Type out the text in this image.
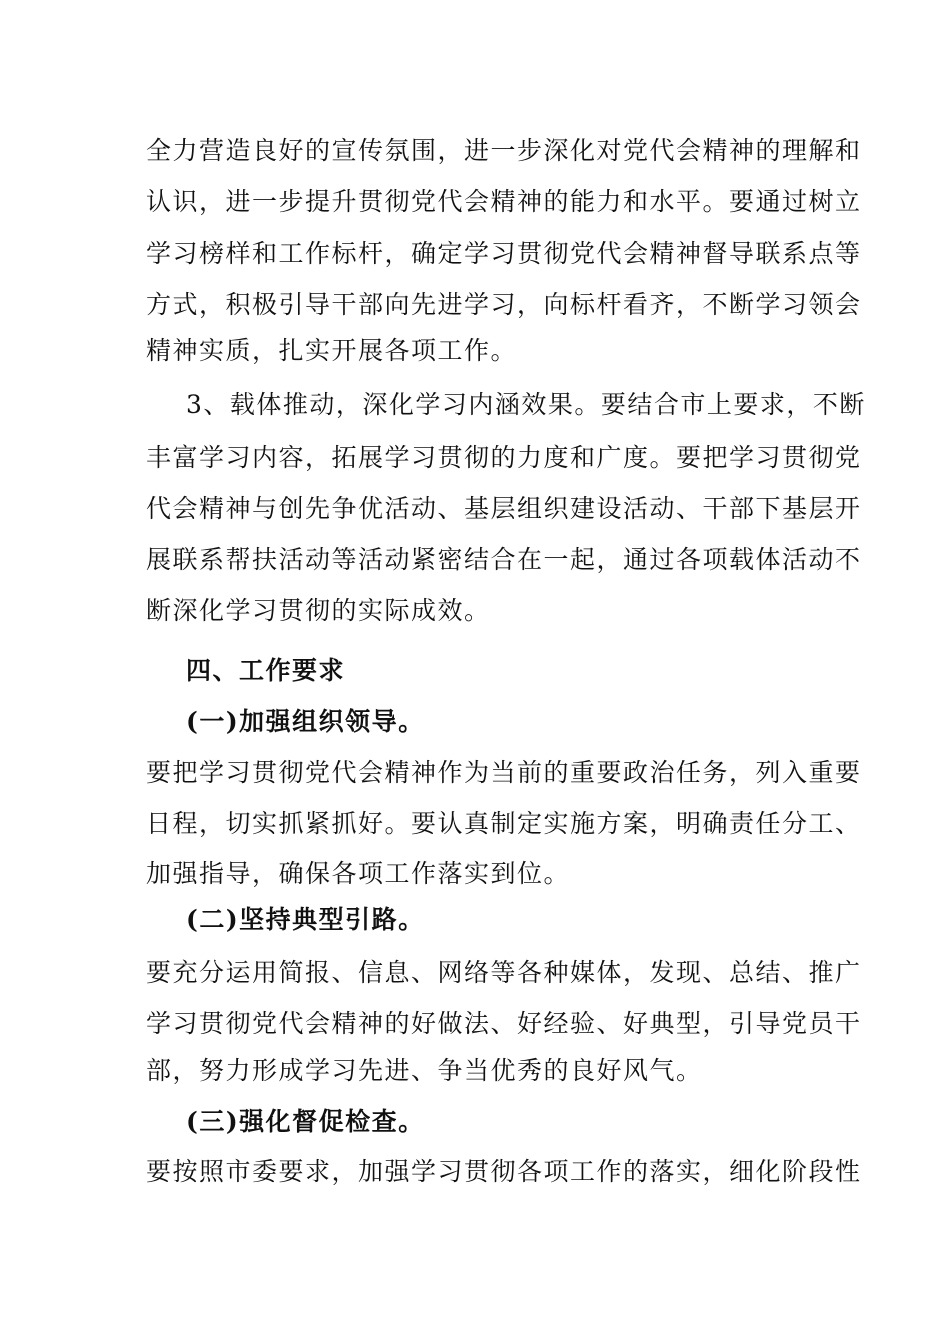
全力营造良好的宣传氛围，进一步深化对党代会精神的理解和
认识，进一步提升贯彻党代会精神的能力和水平。要通过树立
学习榜样和工作标杆，确定学习贯彻党代会精神督导联系点等
方式，积极引导干部向先进学习，向标杆看齐，不断学习领会
精神实质，扎实开展各项工作。
3、载体推动，深化学习内涵效果。要结合市上要求，不断
丰富学习内容，拓展学习贯彻的力度和广度。要把学习贯彻党
代会精神与创先争优活动、基层组织建设活动、干部下基层开
展联系帮扶活动等活动紧密结合在一起，通过各项载体活动不
断深化学习贯彻的实际成效。
四、工作要求
(一)加强组织领导。
要把学习贯彻党代会精神作为当前的重要政治任务，列入重要
日程，切实抓紧抓好。要认真制定实施方案，明确责任分工、
加强指导，确保各项工作落实到位。
(二)坚持典型引路。
要充分运用简报、信息、网络等各种媒体，发现、总结、推广
学习贯彻党代会精神的好做法、好经验、好典型，引导党员干
部，努力形成学习先进、争当优秀的良好风气。
(三)强化督促检查。
要按照市委要求，加强学习贯彻各项工作的落实，细化阶段性
